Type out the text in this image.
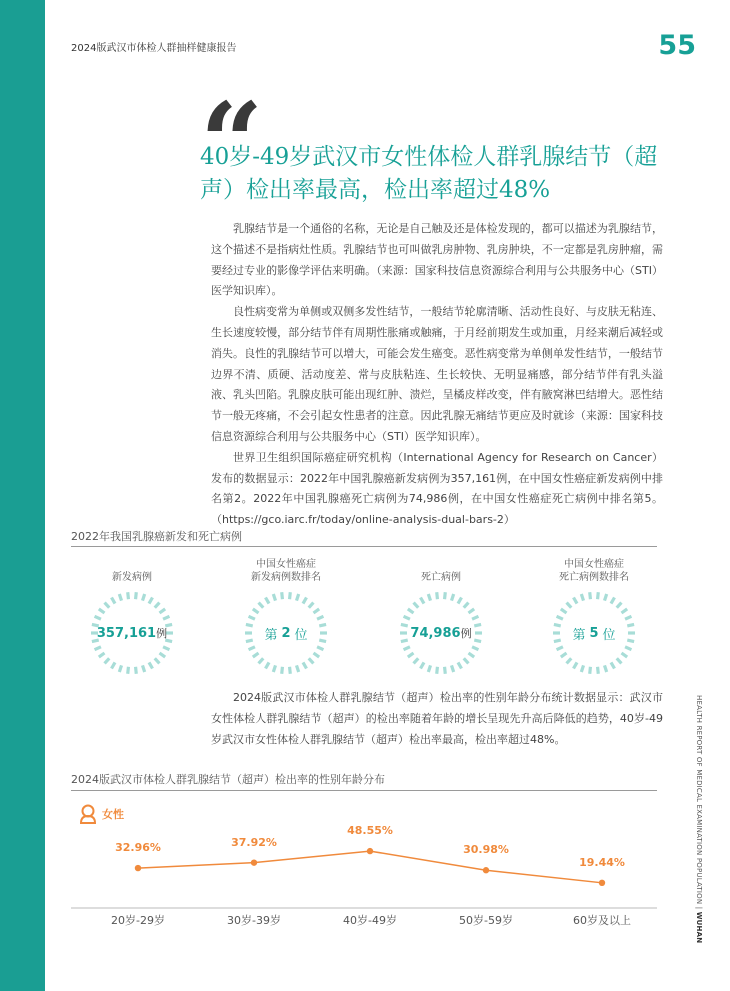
2024版武汉市体检人群抽样健康报告	55
HEALTH REPORT OF MEDICAL EXAMINATION POPULATION | WUHAN
“
40岁-49岁武汉市女性体检人群乳腺结节（超声）检出率最高，检出率超过48%

乳腺结节是一个通俗的名称，无论是自己触及还是体检发现的，都可以描述为乳腺结节，这个描述不是指病灶性质。乳腺结节也可叫做乳房肿物、乳房肿块，不一定都是乳房肿瘤，需要经过专业的影像学评估来明确。（来源：国家科技信息资源综合利用与公共服务中心（STI）医学知识库）。

良性病变常为单侧或双侧多发性结节，一般结节轮廓清晰、活动性良好、与皮肤无粘连、生长速度较慢，部分结节伴有周期性胀痛或触痛，于月经前期发生或加重，月经来潮后减轻或消失。良性的乳腺结节可以增大，可能会发生癌变。恶性病变常为单侧单发性结节，一般结节边界不清、质硬、活动度差、常与皮肤粘连、生长较快、无明显痛感，部分结节伴有乳头溢液、乳头凹陷。乳腺皮肤可能出现红肿、溃烂，呈橘皮样改变，伴有腋窝淋巴结增大。恶性结节一般无疼痛，不会引起女性患者的注意。因此乳腺无痛结节更应及时就诊（来源：国家科技信息资源综合利用与公共服务中心（STI）医学知识库）。

世界卫生组织国际癌症研究机构（International Agency for Research on Cancer）发布的数据显示：2022年中国乳腺癌新发病例为357,161例，在中国女性癌症新发病例中排名第2。2022年中国乳腺癌死亡病例为74,986例，在中国女性癌症死亡病例中排名第5。（https://gco.iarc.fr/today/online-analysis-dual-bars-2）

2022年我国乳腺癌新发和死亡病例
新发病例
357,161 例
中国女性癌症
新发病例数排名
第 2 位
死亡病例
74,986 例
中国女性癌症
死亡病例数排名
第 5 位

2024版武汉市体检人群乳腺结节（超声）检出率的性别年龄分布统计数据显示：武汉市女性体检人群乳腺结节（超声）的检出率随着年龄的增长呈现先升高后降低的趋势，40岁-49岁武汉市女性体检人群乳腺结节（超声）检出率最高，检出率超过48%。

2024版武汉市体检人群乳腺结节（超声）检出率的性别年龄分布
女性
32.96%	37.92%
48.55%
30.98%
19.44%
20岁-29岁	30岁-39岁	40岁-49岁	50岁-59岁	60岁及以上
